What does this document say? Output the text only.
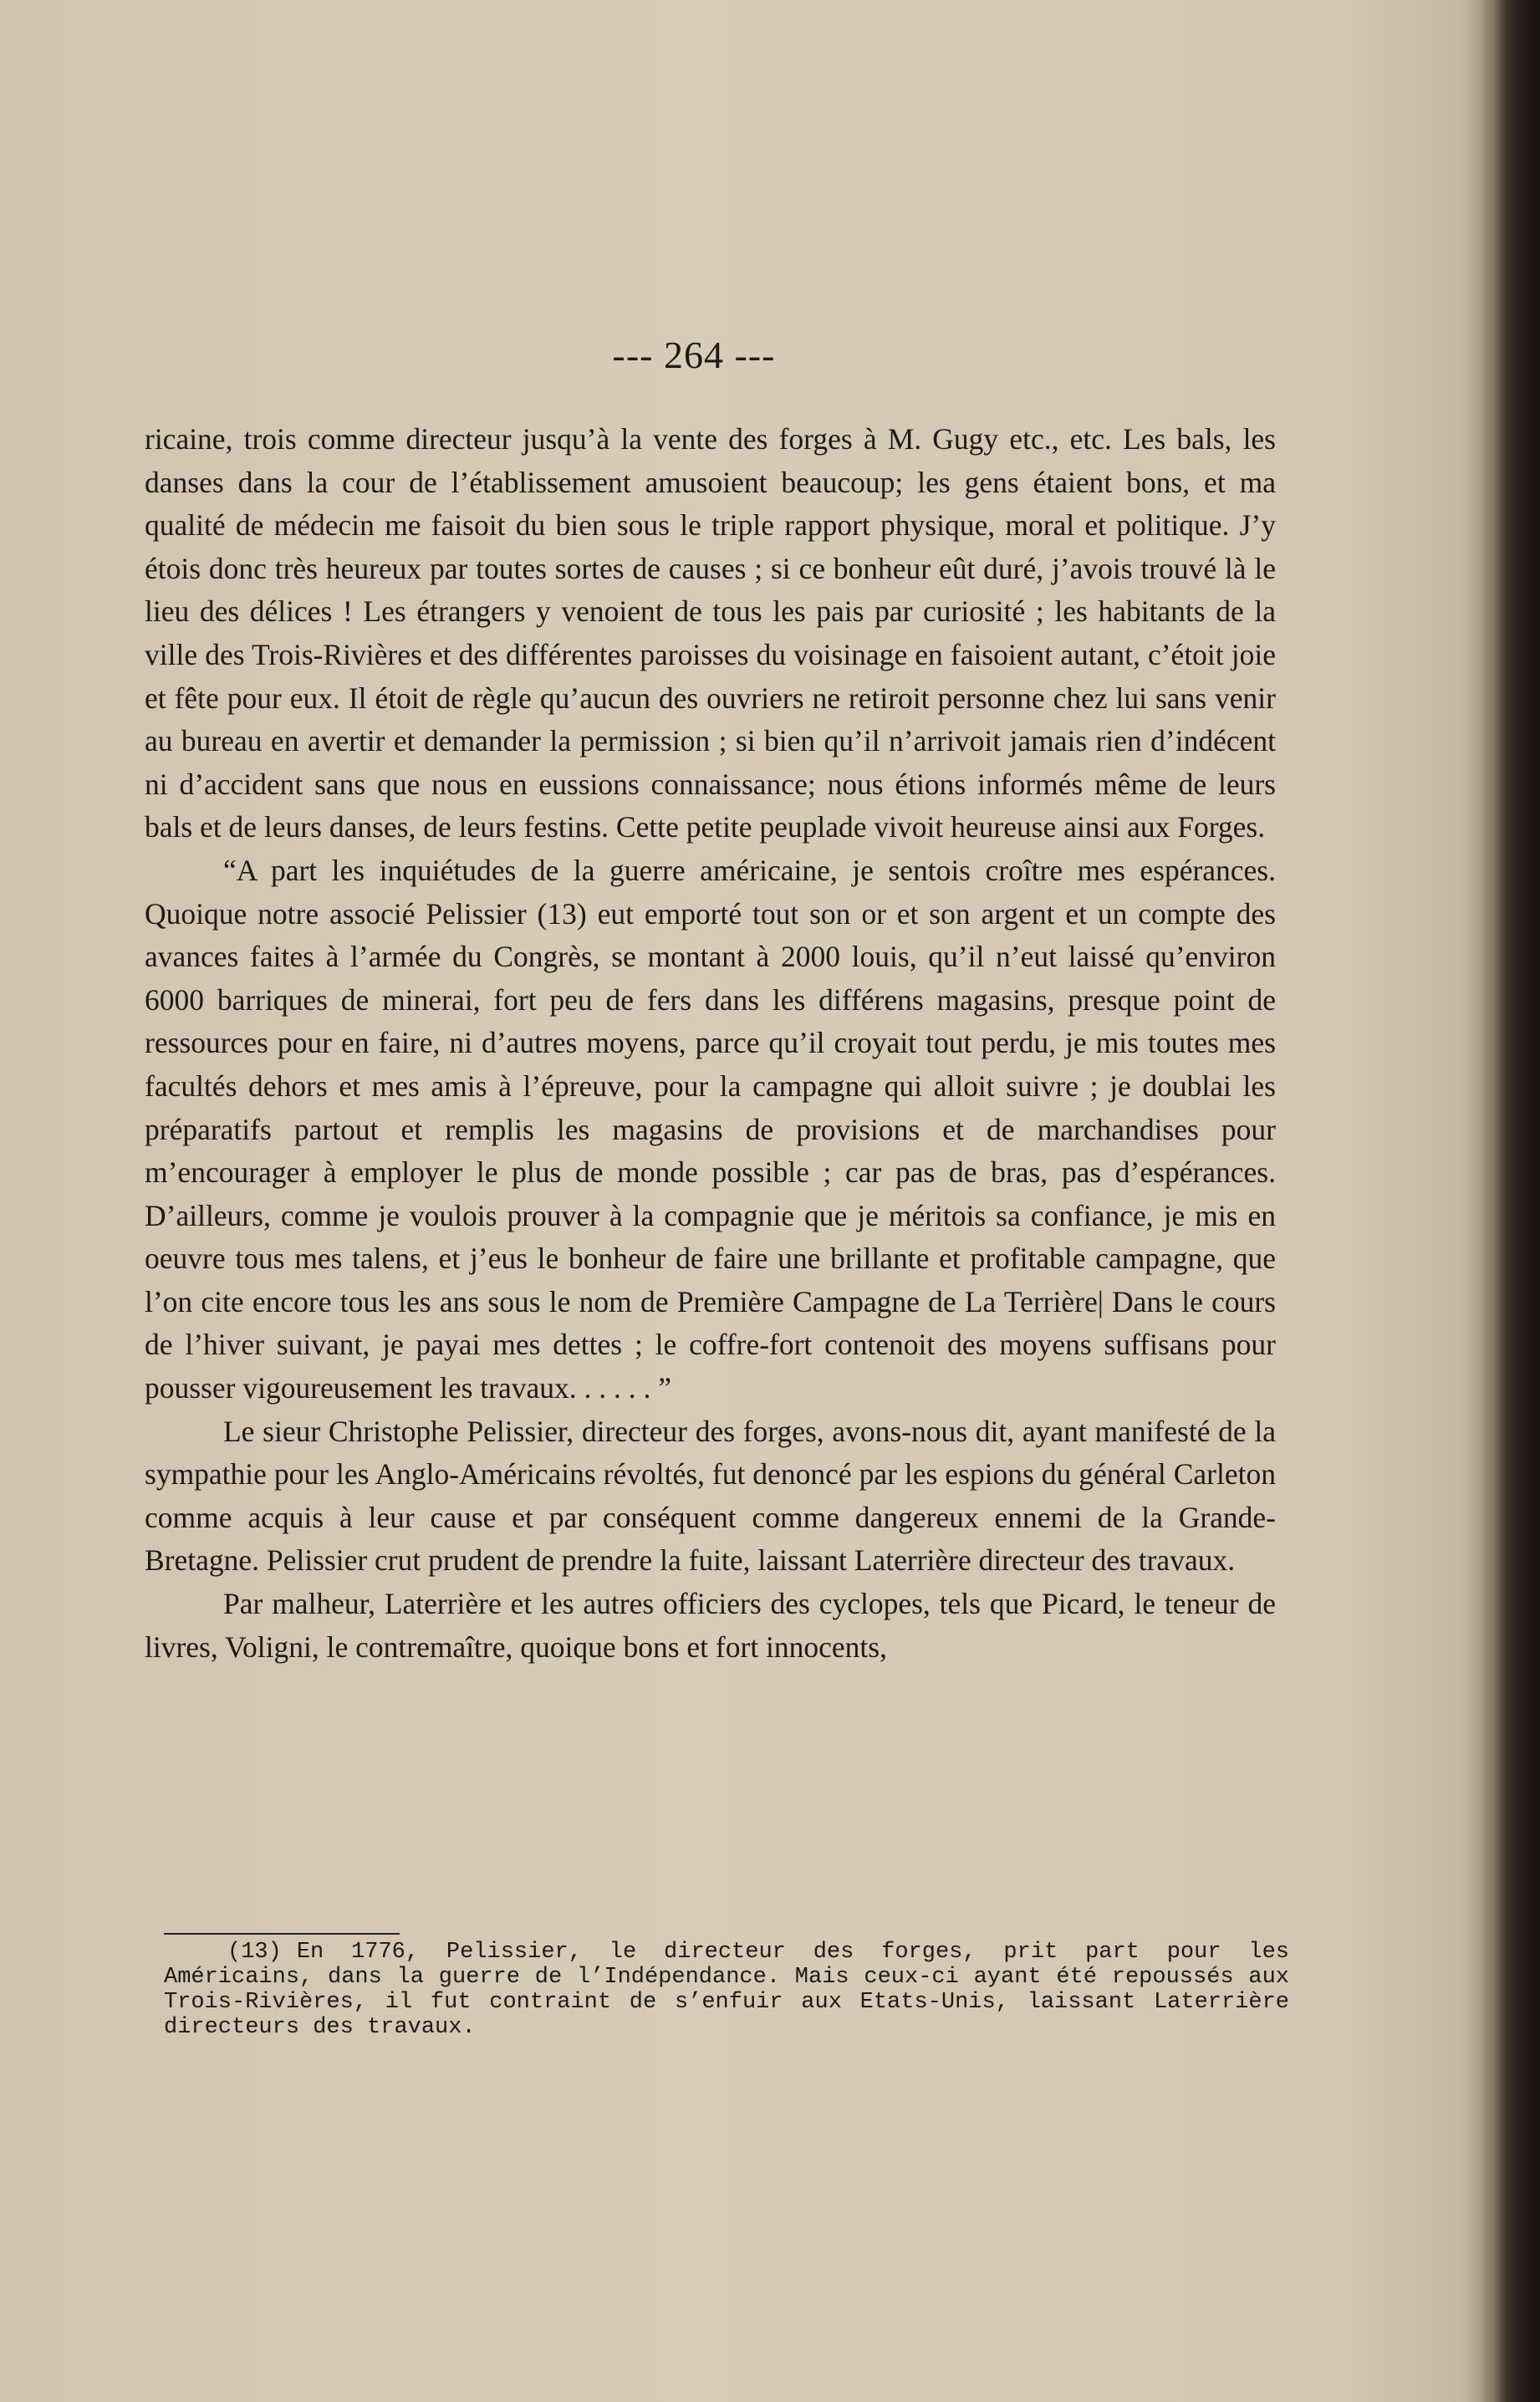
--- 264 ---

ricaine, trois comme directeur jusqu’à la vente des forges à M. Gugy etc., etc. Les bals, les danses dans la cour de l’établissement amusoient beaucoup; les gens étaient bons, et ma qualité de médecin me faisoit du bien sous le triple rapport physique, moral et politique. J’y étois donc très heureux par toutes sortes de causes ; si ce bonheur eût duré, j’avois trouvé là le lieu des délices ! Les étrangers y venoient de tous les pais par curiosité ; les habitants de la ville des Trois-Rivières et des différentes paroisses du voisinage en faisoient autant, c’étoit joie et fête pour eux. Il étoit de règle qu’aucun des ouvriers ne retiroit personne chez lui sans venir au bureau en avertir et demander la permission ; si bien qu’il n’arrivoit jamais rien d’indécent ni d’accident sans que nous en eussions connaissance; nous étions informés même de leurs bals et de leurs danses, de leurs festins. Cette petite peuplade vivoit heureuse ainsi aux Forges.

“A part les inquiétudes de la guerre américaine, je sentois croître mes espérances. Quoique notre associé Pelissier (13) eut emporté tout son or et son argent et un compte des avances faites à l’armée du Congrès, se montant à 2000 louis, qu’il n’eut laissé qu’environ 6000 barriques de minerai, fort peu de fers dans les différens magasins, presque point de ressources pour en faire, ni d’autres moyens, parce qu’il croyait tout perdu, je mis toutes mes facultés dehors et mes amis à l’épreuve, pour la campagne qui alloit suivre ; je doublai les préparatifs partout et remplis les magasins de provisions et de marchandises pour m’encourager à employer le plus de monde possible ; car pas de bras, pas d’espérances. D’ailleurs, comme je voulois prouver à la compagnie que je méritois sa confiance, je mis en oeuvre tous mes talens, et j’eus le bonheur de faire une brillante et profitable campagne, que l’on cite encore tous les ans sous le nom de Première Campagne de La Terrière| Dans le cours de l’hiver suivant, je payai mes dettes ; le coffre-fort contenoit des moyens suffisans pour pousser vigoureusement les travaux. . . . . . ”

Le sieur Christophe Pelissier, directeur des forges, avons-nous dit, ayant manifesté de la sympathie pour les Anglo-Américains révoltés, fut denoncé par les espions du général Carleton comme acquis à leur cause et par conséquent comme dangereux ennemi de la Grande-Bretagne. Pelissier crut prudent de prendre la fuite, laissant Laterrière directeur des travaux.

Par malheur, Laterrière et les autres officiers des cyclopes, tels que Picard, le teneur de livres, Voligni, le contremaître, quoique bons et fort innocents,

(13) En 1776, Pelissier, le directeur des forges, prit part pour les Américains, dans la guerre de l’Indépendance. Mais ceux-ci ayant été repoussés aux Trois-Rivières, il fut contraint de s’enfuir aux Etats-Unis, laissant Laterrière directeurs des travaux.
